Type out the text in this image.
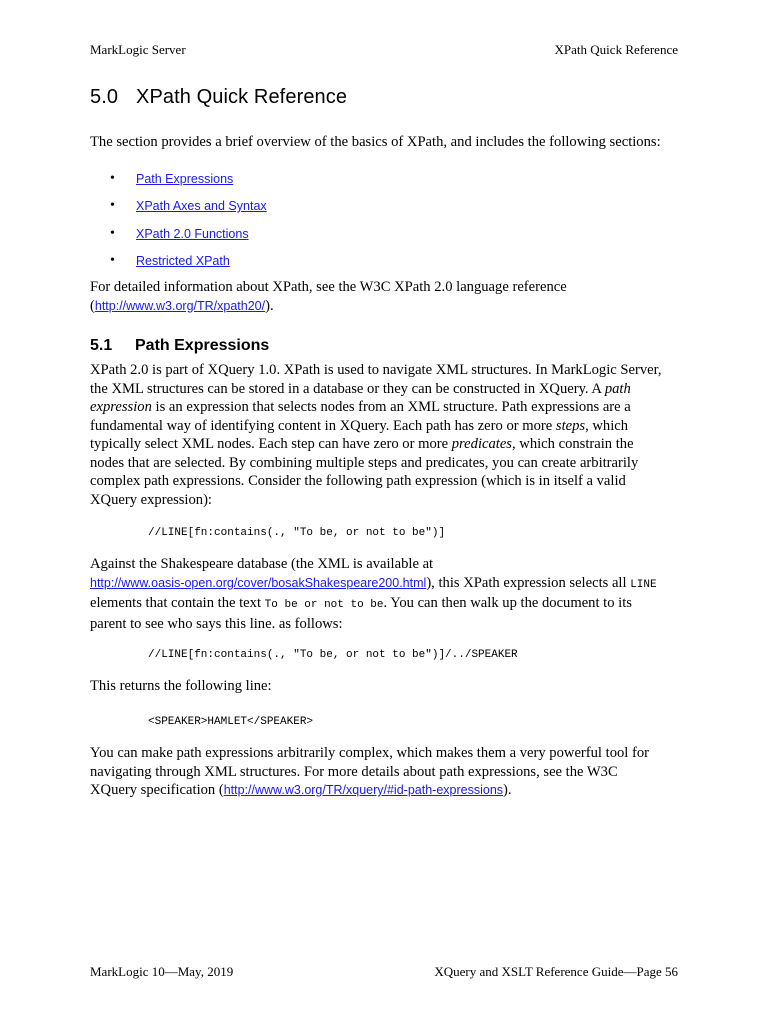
MarkLogic Server	XPath Quick Reference
5.0 XPath Quick Reference

The section provides a brief overview of the basics of XPath, and includes the following sections:

• Path Expressions
• XPath Axes and Syntax
• XPath 2.0 Functions
• Restricted XPath

For detailed information about XPath, see the W3C XPath 2.0 language reference
(http://www.w3.org/TR/xpath20/).

5.1 Path Expressions

XPath 2.0 is part of XQuery 1.0. XPath is used to navigate XML structures. In MarkLogic Server,
the XML structures can be stored in a database or they can be constructed in XQuery. A path
expression is an expression that selects nodes from an XML structure. Path expressions are a
fundamental way of identifying content in XQuery. Each path has zero or more steps, which
typically select XML nodes. Each step can have zero or more predicates, which constrain the
nodes that are selected. By combining multiple steps and predicates, you can create arbitrarily
complex path expressions. Consider the following path expression (which is in itself a valid
XQuery expression):

//LINE[fn:contains(., "To be, or not to be")]

Against the Shakespeare database (the XML is available at
http://www.oasis-open.org/cover/bosakShakespeare200.html), this XPath expression selects all LINE
elements that contain the text To be or not to be. You can then walk up the document to its
parent to see who says this line. as follows:

//LINE[fn:contains(., "To be, or not to be")]/../SPEAKER

This returns the following line:

<SPEAKER>HAMLET</SPEAKER>

You can make path expressions arbitrarily complex, which makes them a very powerful tool for
navigating through XML structures. For more details about path expressions, see the W3C
XQuery specification (http://www.w3.org/TR/xquery/#id-path-expressions).

MarkLogic 10—May, 2019	XQuery and XSLT Reference Guide—Page 56
